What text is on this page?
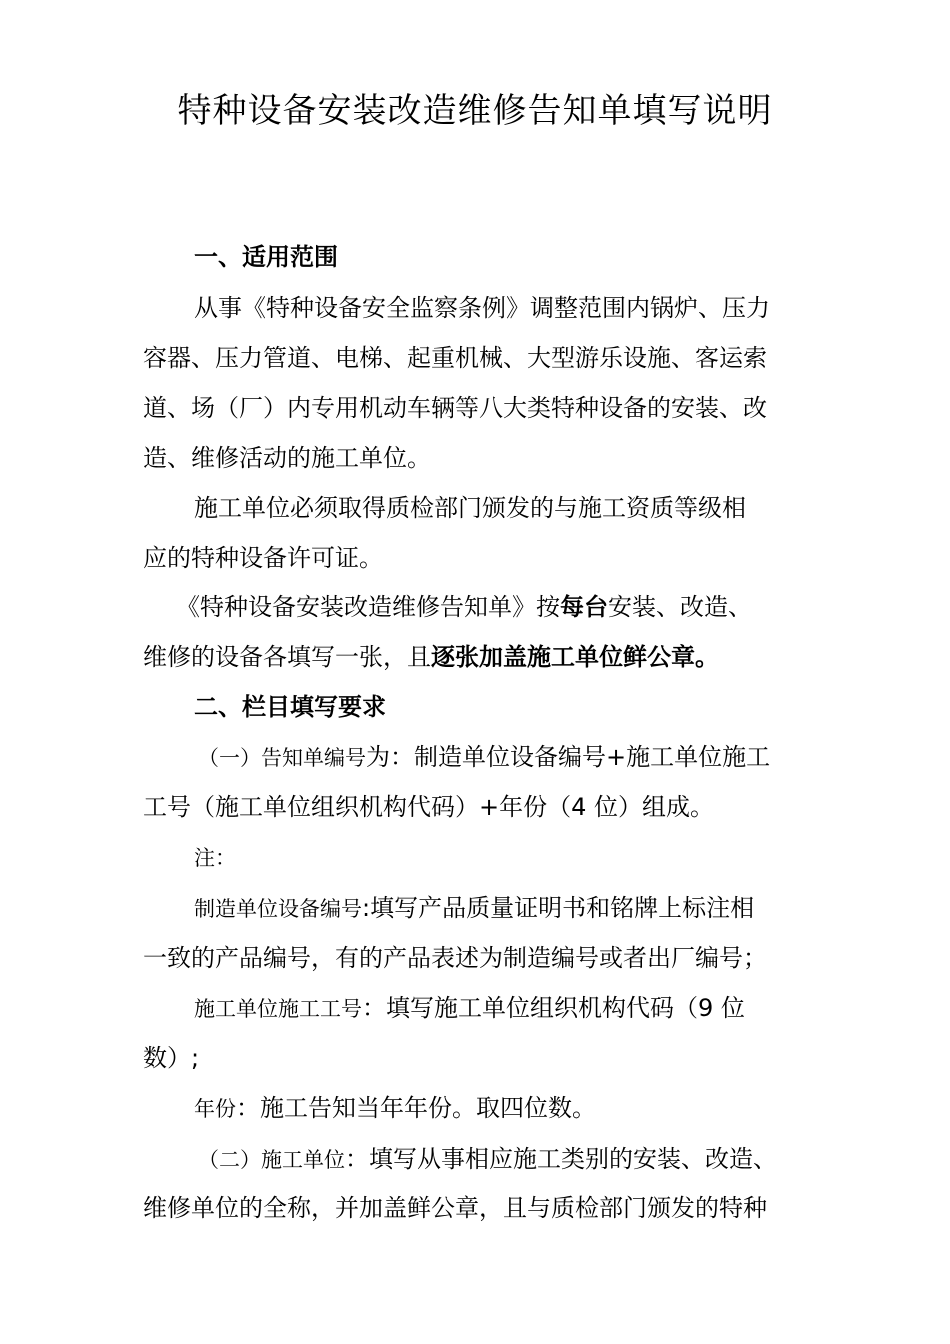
特种设备安装改造维修告知单填写说明
一、适用范围
从事《特种设备安全监察条例》调整范围内锅炉、压力
容器、压力管道、电梯、起重机械、大型游乐设施、客运索
道、场（厂）内专用机动车辆等八大类特种设备的安装、改
造、维修活动的施工单位。
施工单位必须取得质检部门颁发的与施工资质等级相
应的特种设备许可证。
《特种设备安装改造维修告知单》按每台安装、改造、
维修的设备各填写一张，且逐张加盖施工单位鲜公章。
二、栏目填写要求
（一）告知单编号为：制造单位设备编号+施工单位施工
工号（施工单位组织机构代码）+年份（4 位）组成。
注：
制造单位设备编号:填写产品质量证明书和铭牌上标注相
一致的产品编号，有的产品表述为制造编号或者出厂编号；
施工单位施工工号：填写施工单位组织机构代码（9 位
数）;
年份：施工告知当年年份。取四位数。
（二）施工单位：填写从事相应施工类别的安装、改造、
维修单位的全称，并加盖鲜公章，且与质检部门颁发的特种
